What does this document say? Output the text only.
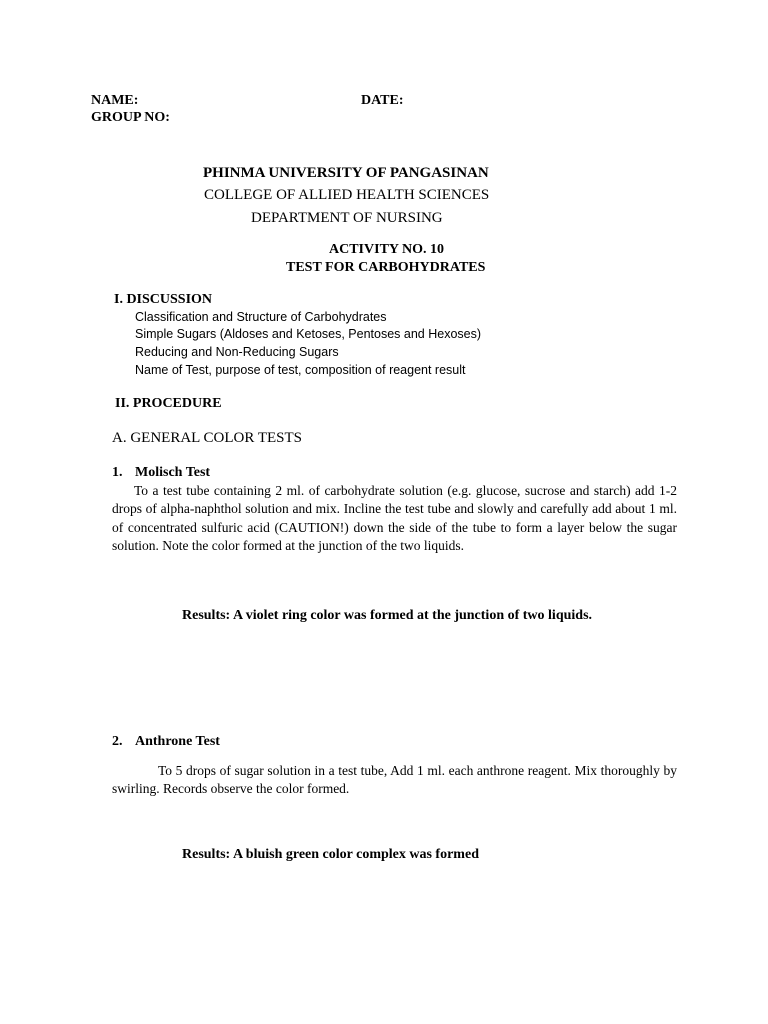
NAME:	DATE:
GROUP NO:
PHINMA UNIVERSITY OF PANGASINAN
COLLEGE OF ALLIED HEALTH SCIENCES
DEPARTMENT OF NURSING
ACTIVITY NO. 10
TEST FOR CARBOHYDRATES
I. DISCUSSION
Classification and Structure of Carbohydrates
Simple Sugars (Aldoses and Ketoses, Pentoses and Hexoses)
Reducing and Non-Reducing Sugars
Name of Test, purpose of test, composition of reagent result
II. PROCEDURE
A. GENERAL COLOR TESTS
1. Molisch Test
To a test tube containing 2 ml. of carbohydrate solution (e.g. glucose, sucrose and starch) add 1-2 drops of alpha-naphthol solution and mix. Incline the test tube and slowly and carefully add about 1 ml. of concentrated sulfuric acid (CAUTION!) down the side of the tube to form a layer below the sugar solution. Note the color formed at the junction of the two liquids.
Results: A violet ring color was formed at the junction of two liquids.
2. Anthrone Test
To 5 drops of sugar solution in a test tube, Add 1 ml. each anthrone reagent. Mix thoroughly by swirling. Records observe the color formed.
Results: A bluish green color complex was formed
